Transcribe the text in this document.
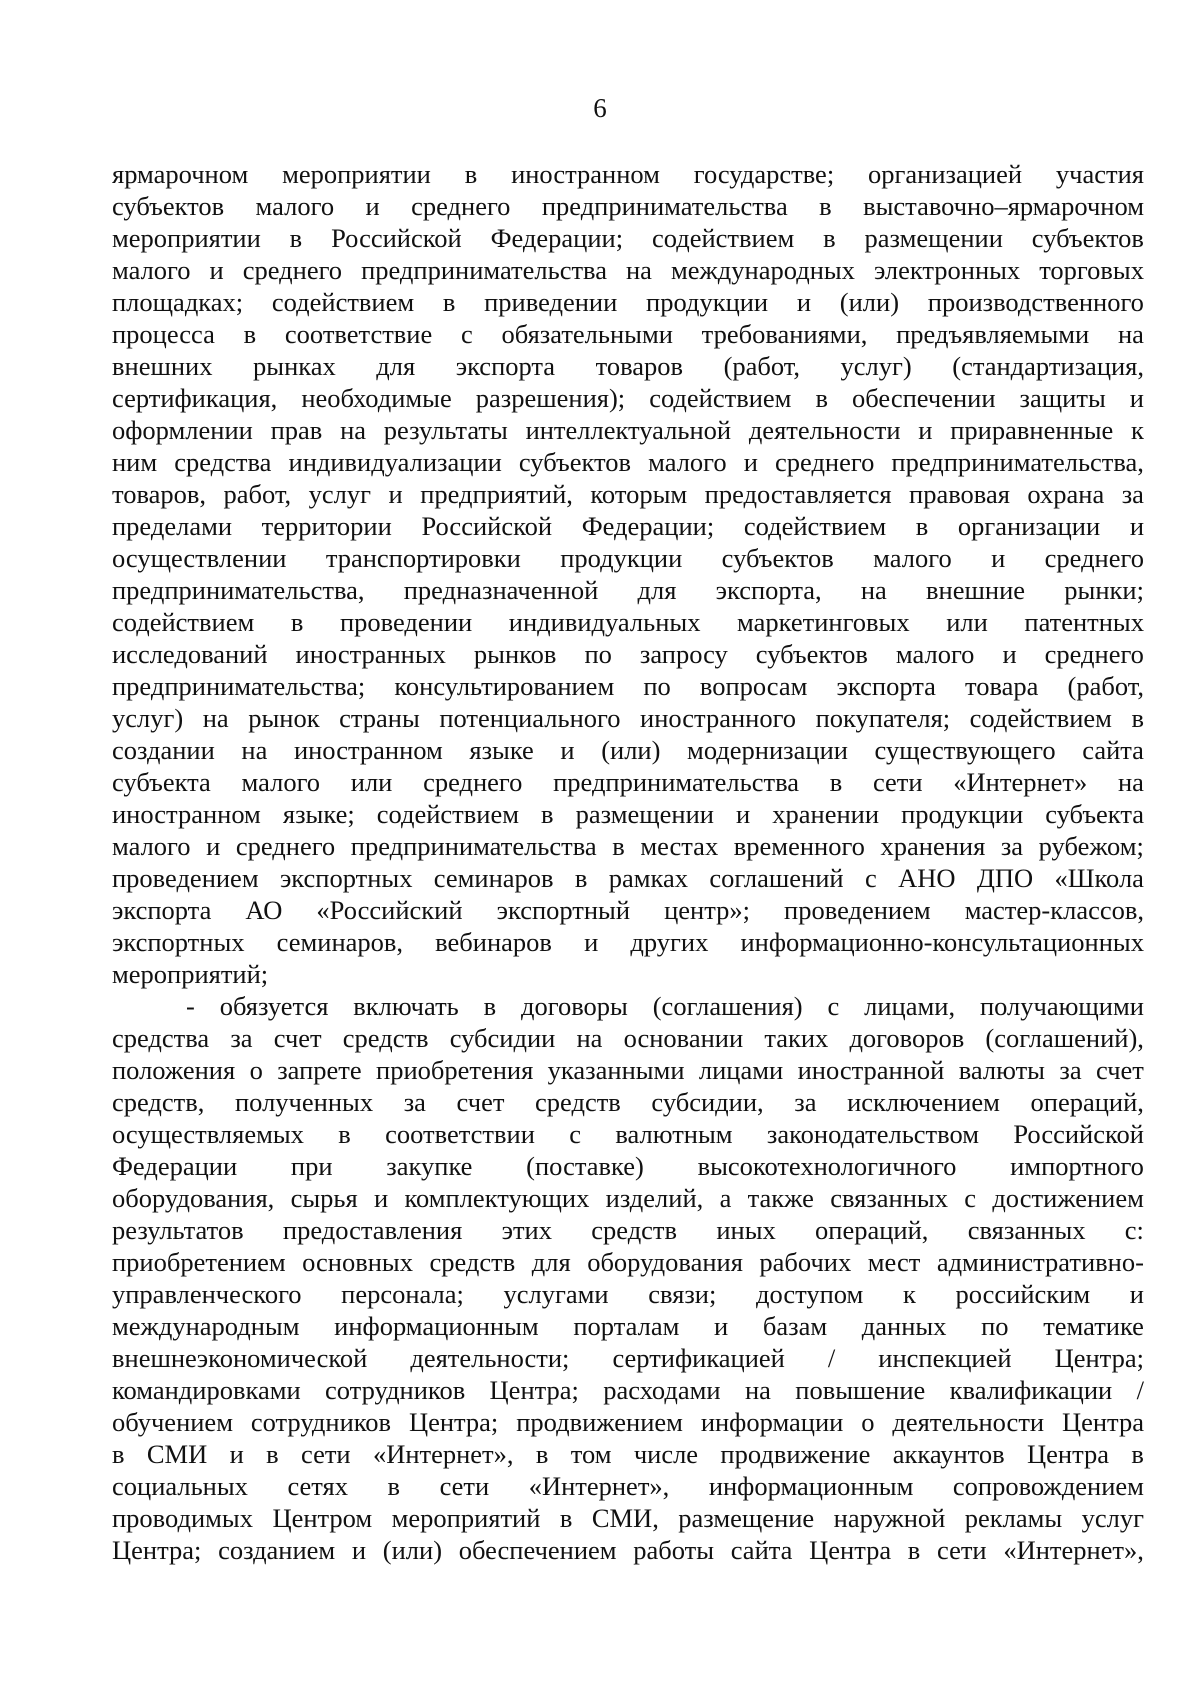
6
ярмарочном мероприятии в иностранном государстве; организацией участия
субъектов малого и среднего предпринимательства в выставочно–ярмарочном
мероприятии в Российской Федерации; содействием в размещении субъектов
малого и среднего предпринимательства на международных электронных торговых
площадках; содействием в приведении продукции и (или) производственного
процесса в соответствие с обязательными требованиями, предъявляемыми на
внешних рынках для экспорта товаров (работ, услуг) (стандартизация,
сертификация, необходимые разрешения); содействием в обеспечении защиты и
оформлении прав на результаты интеллектуальной деятельности и приравненные к
ним средства индивидуализации субъектов малого и среднего предпринимательства,
товаров, работ, услуг и предприятий, которым предоставляется правовая охрана за
пределами территории Российской Федерации; содействием в организации и
осуществлении транспортировки продукции субъектов малого и среднего
предпринимательства, предназначенной для экспорта, на внешние рынки;
содействием в проведении индивидуальных маркетинговых или патентных
исследований иностранных рынков по запросу субъектов малого и среднего
предпринимательства; консультированием по вопросам экспорта товара (работ,
услуг) на рынок страны потенциального иностранного покупателя; содействием в
создании на иностранном языке и (или) модернизации существующего сайта
субъекта малого или среднего предпринимательства в сети «Интернет» на
иностранном языке; содействием в размещении и хранении продукции субъекта
малого и среднего предпринимательства в местах временного хранения за рубежом;
проведением экспортных семинаров в рамках соглашений с АНО ДПО «Школа
экспорта АО «Российский экспортный центр»; проведением мастер-классов,
экспортных семинаров, вебинаров и других информационно-консультационных
мероприятий;
- обязуется включать в договоры (соглашения) с лицами, получающими
средства за счет средств субсидии на основании таких договоров (соглашений),
положения о запрете приобретения указанными лицами иностранной валюты за счет
средств, полученных за счет средств субсидии, за исключением операций,
осуществляемых в соответствии с валютным законодательством Российской
Федерации при закупке (поставке) высокотехнологичного импортного
оборудования, сырья и комплектующих изделий, а также связанных с достижением
результатов предоставления этих средств иных операций, связанных с:
приобретением основных средств для оборудования рабочих мест административно-
управленческого персонала; услугами связи; доступом к российским и
международным информационным порталам и базам данных по тематике
внешнеэкономической деятельности; сертификацией / инспекцией Центра;
командировками сотрудников Центра; расходами на повышение квалификации /
обучением сотрудников Центра; продвижением информации о деятельности Центра
в СМИ и в сети «Интернет», в том числе продвижение аккаунтов Центра в
социальных сетях в сети «Интернет», информационным сопровождением
проводимых Центром мероприятий в СМИ, размещение наружной рекламы услуг
Центра; созданием и (или) обеспечением работы сайта Центра в сети «Интернет»,
